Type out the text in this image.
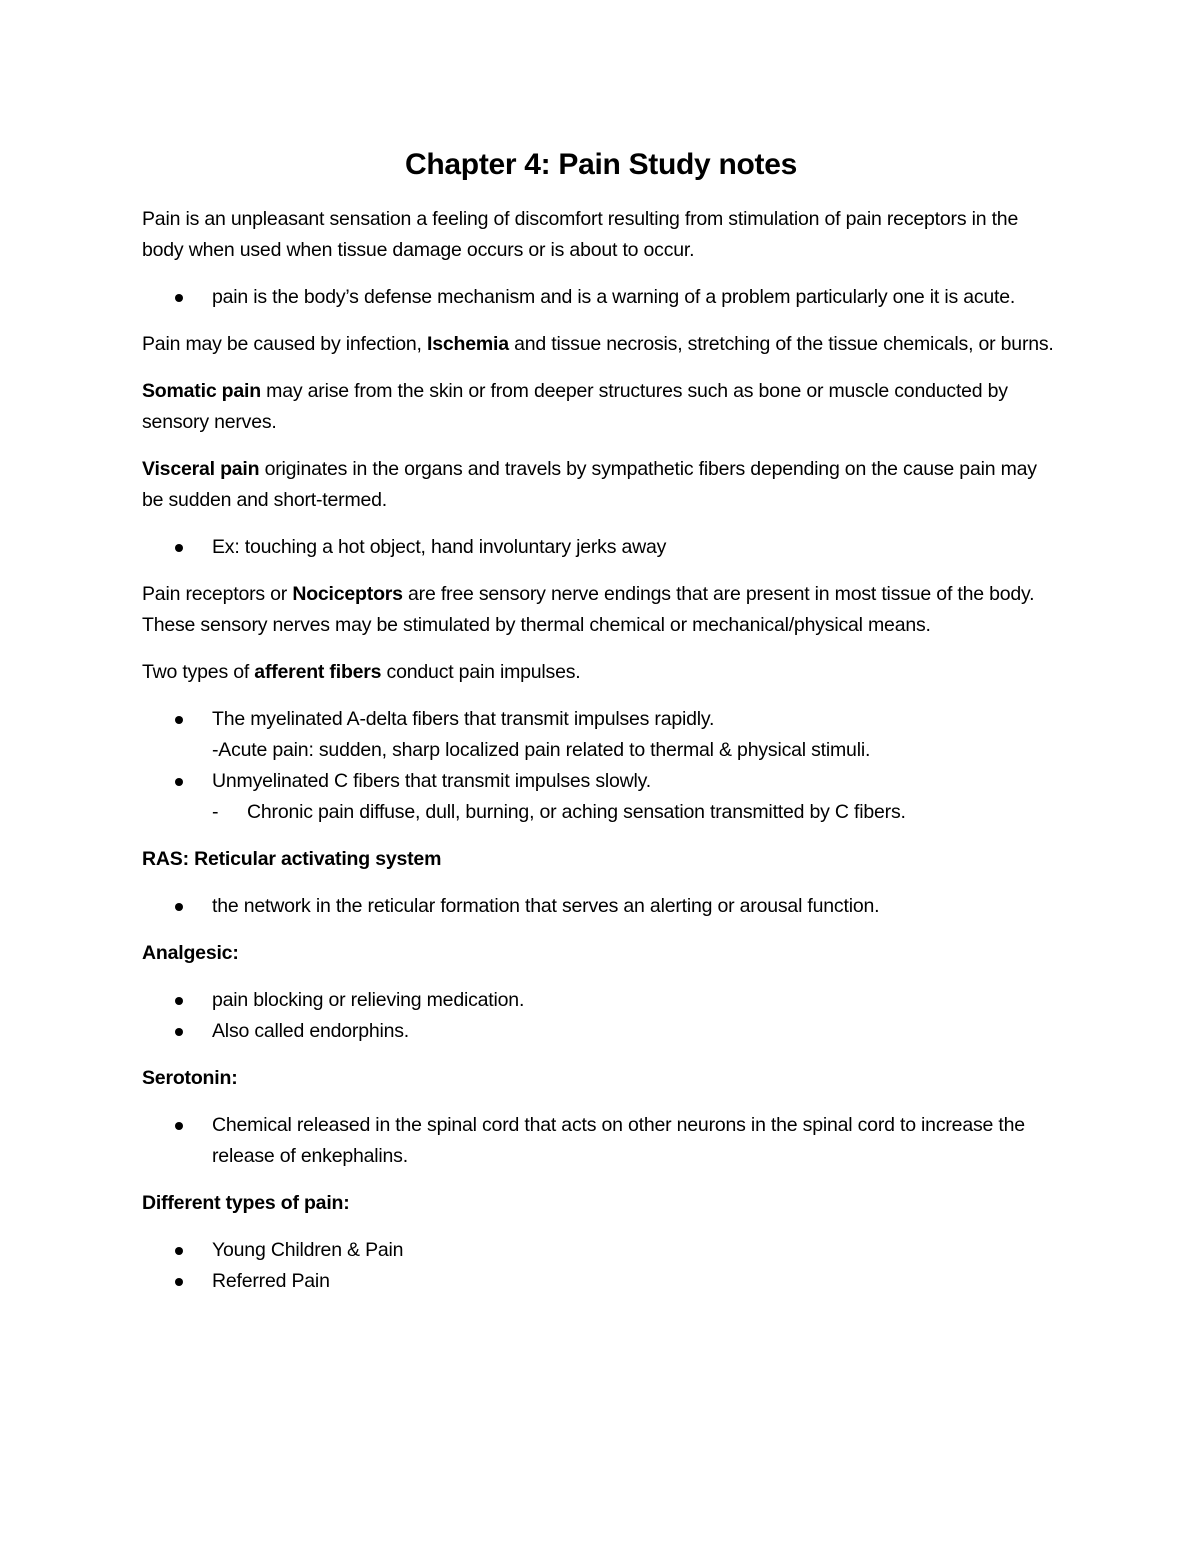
Chapter 4: Pain Study notes

Pain is an unpleasant sensation a feeling of discomfort resulting from stimulation of pain receptors in the body when used when tissue damage occurs or is about to occur.

pain is the body’s defense mechanism and is a warning of a problem particularly one it is acute.

Pain may be caused by infection, Ischemia and tissue necrosis, stretching of the tissue chemicals, or burns.

Somatic pain may arise from the skin or from deeper structures such as bone or muscle conducted by sensory nerves.

Visceral pain originates in the organs and travels by sympathetic fibers depending on the cause pain may be sudden and short-termed.

Ex: touching a hot object, hand involuntary jerks away

Pain receptors or Nociceptors are free sensory nerve endings that are present in most tissue of the body. These sensory nerves may be stimulated by thermal chemical or mechanical/physical means.

Two types of afferent fibers conduct pain impulses.

The myelinated A-delta fibers that transmit impulses rapidly.
-Acute pain: sudden, sharp localized pain related to thermal & physical stimuli.
Unmyelinated C fibers that transmit impulses slowly.
- Chronic pain diffuse, dull, burning, or aching sensation transmitted by C fibers.

RAS: Reticular activating system

the network in the reticular formation that serves an alerting or arousal function.

Analgesic:

pain blocking or relieving medication.
Also called endorphins.

Serotonin:

Chemical released in the spinal cord that acts on other neurons in the spinal cord to increase the release of enkephalins.

Different types of pain:

Young Children & Pain
Referred Pain
